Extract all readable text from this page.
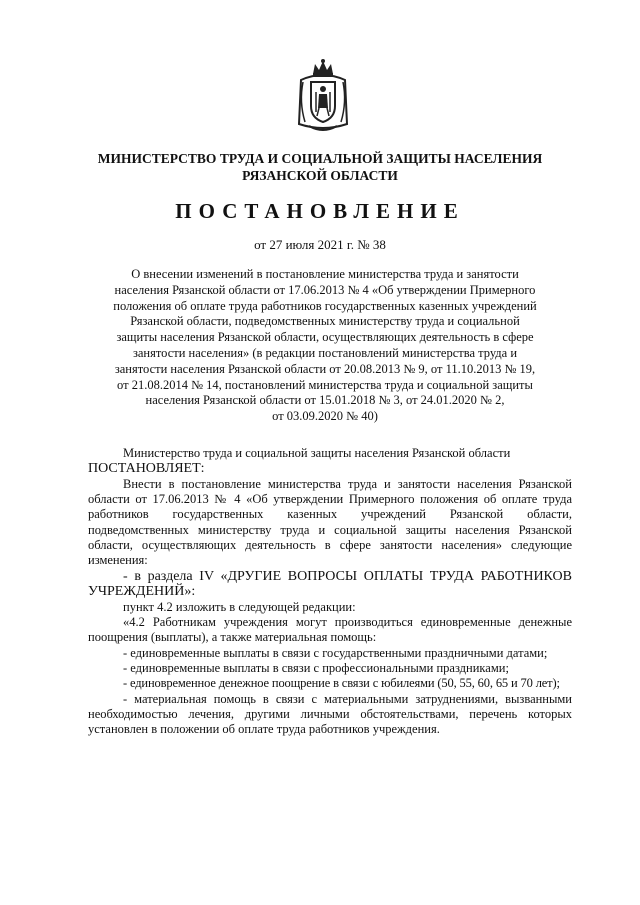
МИНИСТЕРСТВО ТРУДА И СОЦИАЛЬНОЙ ЗАЩИТЫ НАСЕЛЕНИЯ
РЯЗАНСКОЙ ОБЛАСТИ
ПОСТАНОВЛЕНИЕ
от 27 июля 2021 г. № 38
О внесении изменений в постановление министерства труда и занятости
населения Рязанской области от 17.06.2013 № 4 «Об утверждении Примерного
положения об оплате труда работников государственных казенных учреждений
Рязанской области, подведомственных министерству труда и социальной
защиты населения Рязанской области, осуществляющих деятельность в сфере
занятости населения» (в редакции постановлений министерства труда и
занятости населения Рязанской области от 20.08.2013 № 9, от 11.10.2013 № 19,
от 21.08.2014 № 14, постановлений министерства труда и социальной защиты
населения Рязанской области от 15.01.2018 № 3, от 24.01.2020 № 2,
от 03.09.2020 № 40)

Министерство труда и социальной защиты населения Рязанской области

ПОСТАНОВЛЯЕТ:

Внести в постановление министерства труда и занятости населения Рязанской области от 17.06.2013 № 4 «Об утверждении Примерного положения об оплате труда работников государственных казенных учреждений Рязанской области, подведомственных министерству труда и социальной защиты населения Рязанской области, осуществляющих деятельность в сфере занятости населения» следующие изменения:

- в раздела IV «ДРУГИЕ ВОПРОСЫ ОПЛАТЫ ТРУДА РАБОТНИКОВ УЧРЕЖДЕНИЙ»:

пункт 4.2 изложить в следующей редакции:

«4.2 Работникам учреждения могут производиться единовременные денежные поощрения (выплаты), а также материальная помощь:

- единовременные выплаты в связи с государственными праздничными датами;

- единовременные выплаты в связи с профессиональными праздниками;

- единовременное денежное поощрение в связи с юбилеями (50, 55, 60, 65 и 70 лет);

- материальная помощь в связи с материальными затруднениями, вызванными необходимостью лечения, другими личными обстоятельствами, перечень которых установлен в положении об оплате труда работников учреждения.
